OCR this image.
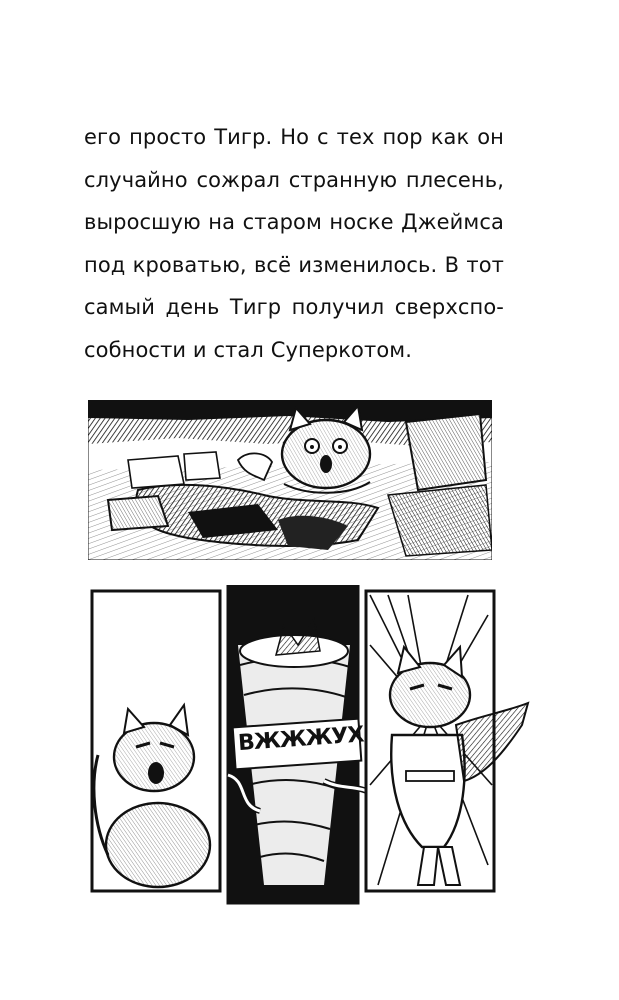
его просто Тигр. Но с тех пор как он
случайно сожрал странную плесень,
выросшую на старом носке Джеймса
под кроватью, всё изменилось. В тот
самый день Тигр получил сверхспо-
собности и стал Суперкотом.
ВЖЖЖУХ
